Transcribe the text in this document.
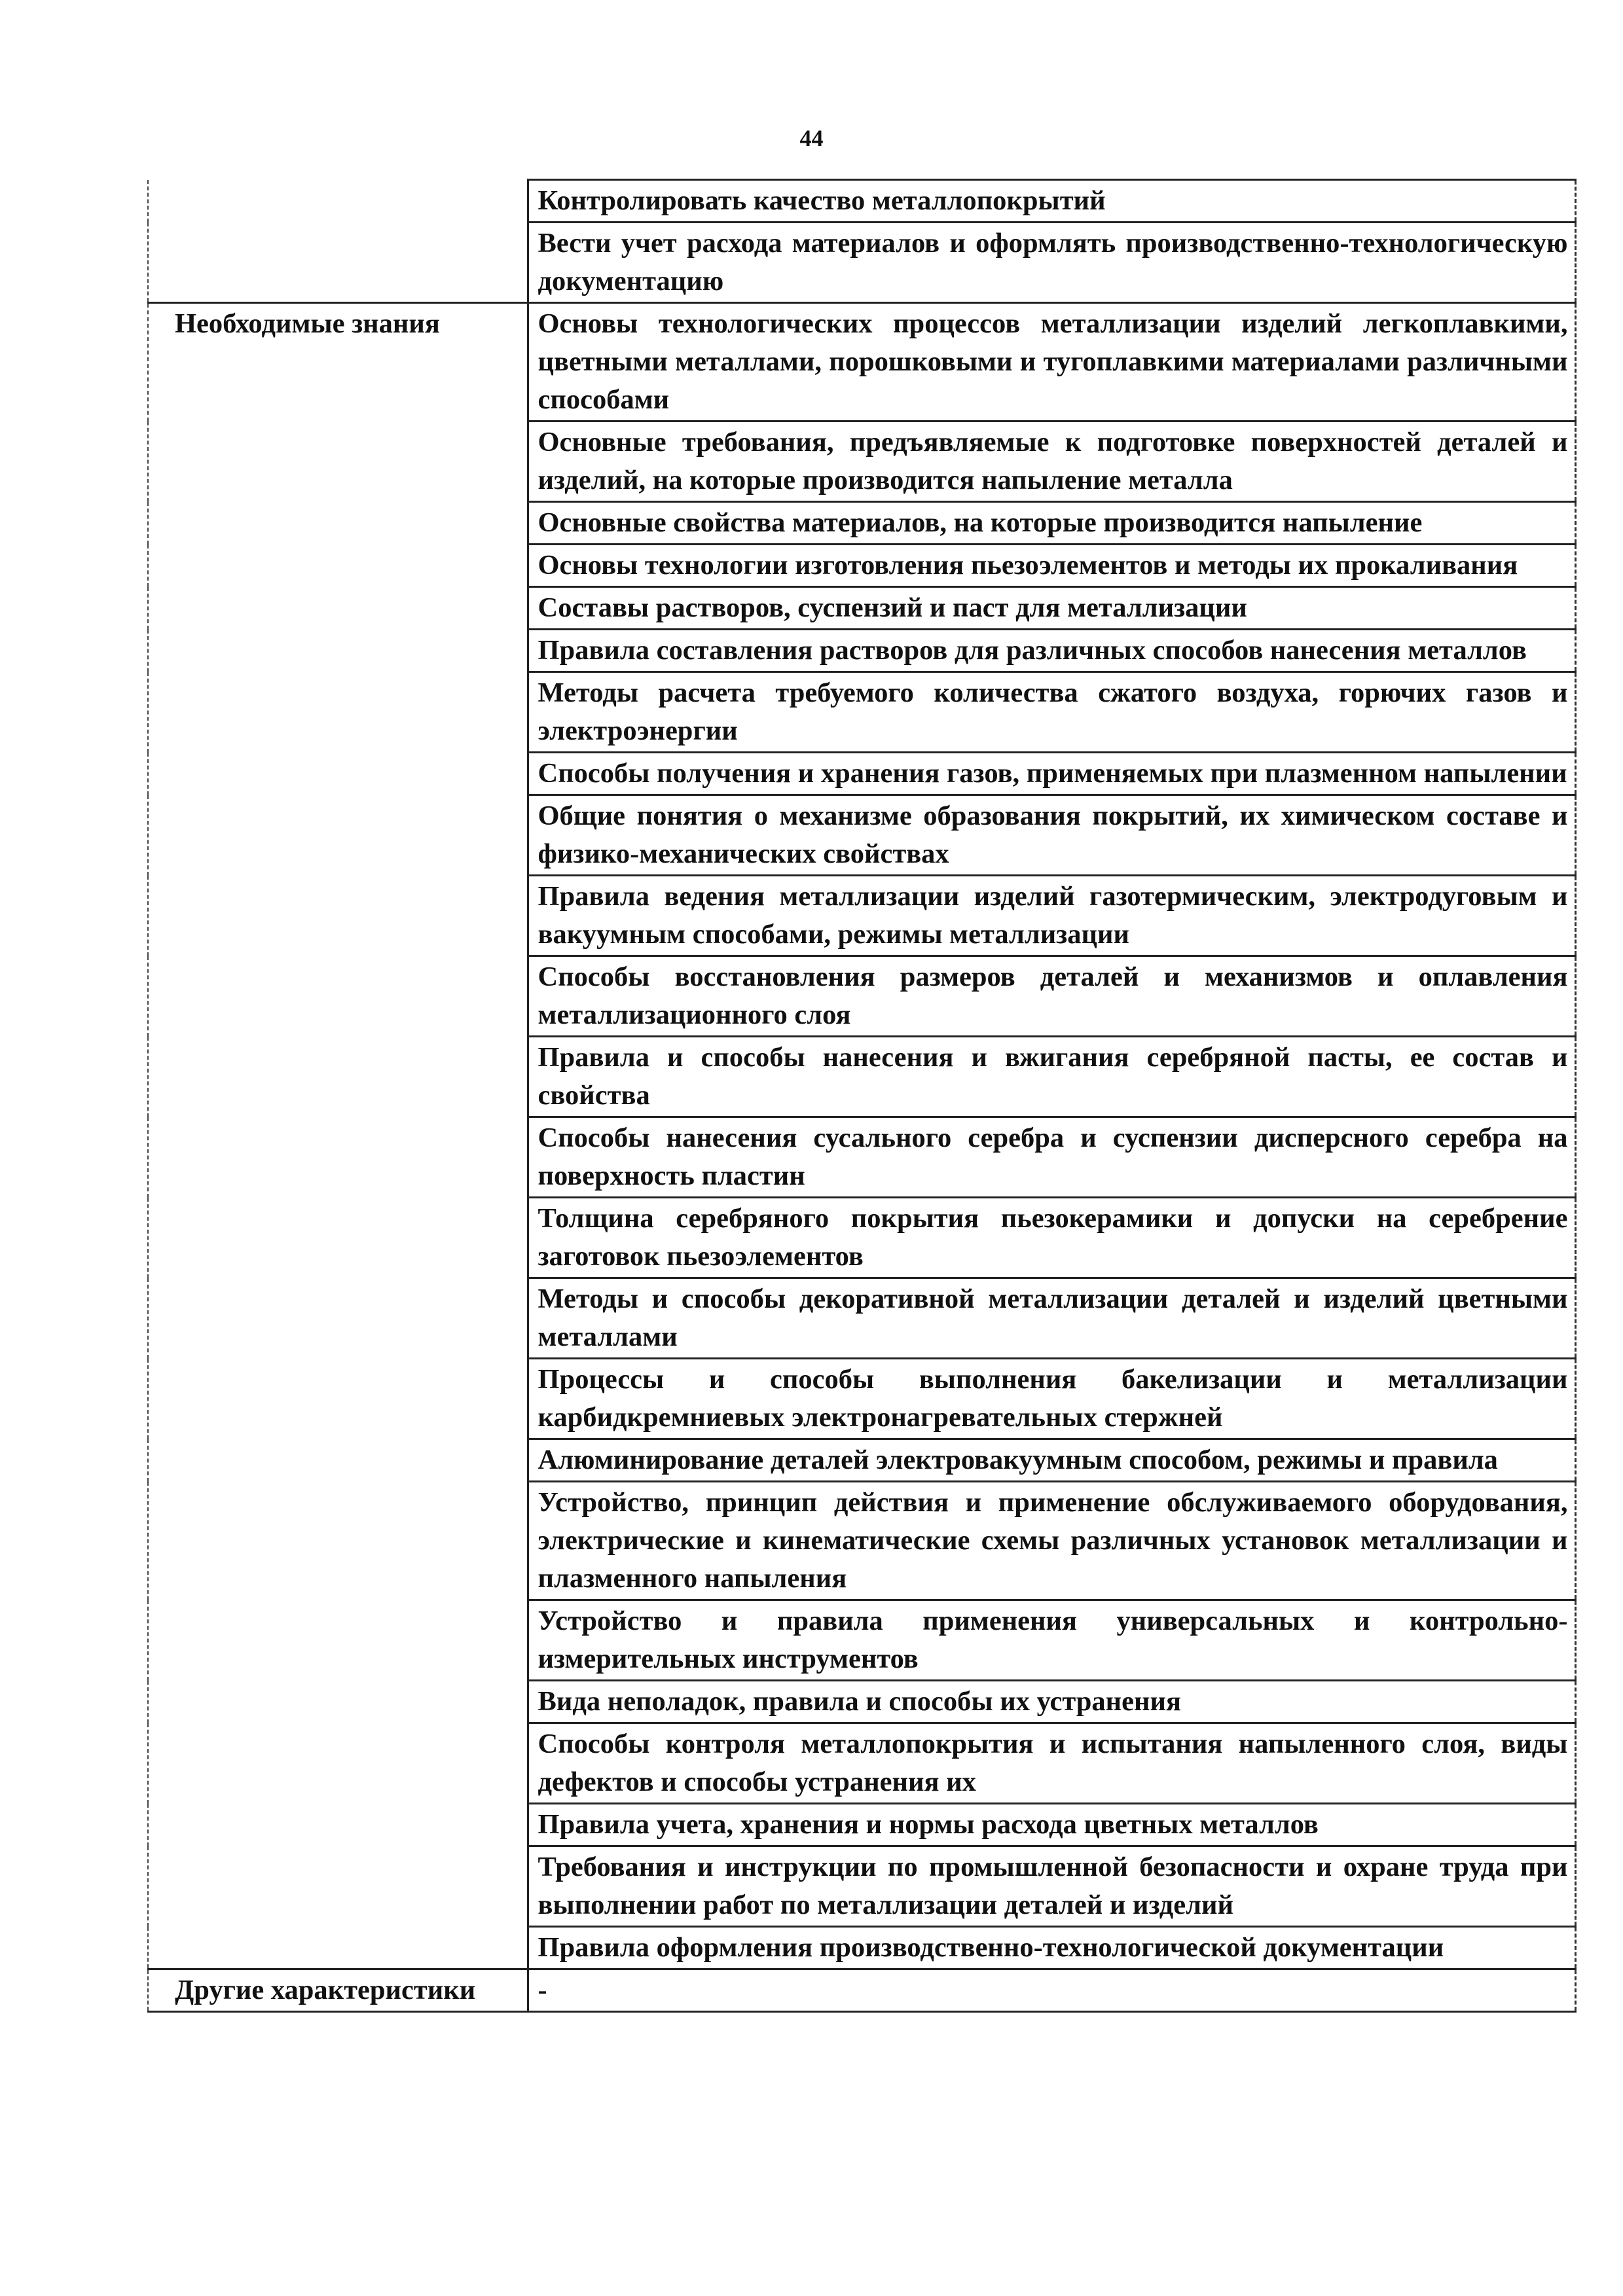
44
	Контролировать качество металлопокрытий
	Вести учет расхода материалов и оформлять производственно-технологическую документацию
Необходимые знания	Основы технологических процессов металлизации изделий легкоплавкими, цветными металлами, порошковыми и тугоплавкими материалами различными способами
	Основные требования, предъявляемые к подготовке поверхностей деталей и изделий, на которые производится напыление металла
	Основные свойства материалов, на которые производится напыление
	Основы технологии изготовления пьезоэлементов и методы их прокаливания
	Составы растворов, суспензий и паст для металлизации
	Правила составления растворов для различных способов нанесения металлов
	Методы расчета требуемого количества сжатого воздуха, горючих газов и электроэнергии
	Способы получения и хранения газов, применяемых при плазменном напылении
	Общие понятия о механизме образования покрытий, их химическом составе и физико-механических свойствах
	Правила ведения металлизации изделий газотермическим, электродуговым и вакуумным способами, режимы металлизации
	Способы восстановления размеров деталей и механизмов и оплавления металлизационного слоя
	Правила и способы нанесения и вжигания серебряной пасты, ее состав и свойства
	Способы нанесения сусального серебра и суспензии дисперсного серебра на поверхность пластин
	Толщина серебряного покрытия пьезокерамики и допуски на серебрение заготовок пьезоэлементов
	Методы и способы декоративной металлизации деталей и изделий цветными металлами
	Процессы и способы выполнения бакелизации и металлизации карбидкремниевых электронагревательных стержней
	Алюминирование деталей электровакуумным способом, режимы и правила
	Устройство, принцип действия и применение обслуживаемого оборудования, электрические и кинематические схемы различных установок металлизации и плазменного напыления
	Устройство и правила применения универсальных и контрольно-измерительных инструментов
	Вида неполадок, правила и способы их устранения
	Способы контроля металлопокрытия и испытания напыленного слоя, виды дефектов и способы устранения их
	Правила учета, хранения и нормы расхода цветных металлов
	Требования и инструкции по промышленной безопасности и охране труда при выполнении работ по металлизации деталей и изделий
	Правила оформления производственно-технологической документации
Другие характеристики	-
